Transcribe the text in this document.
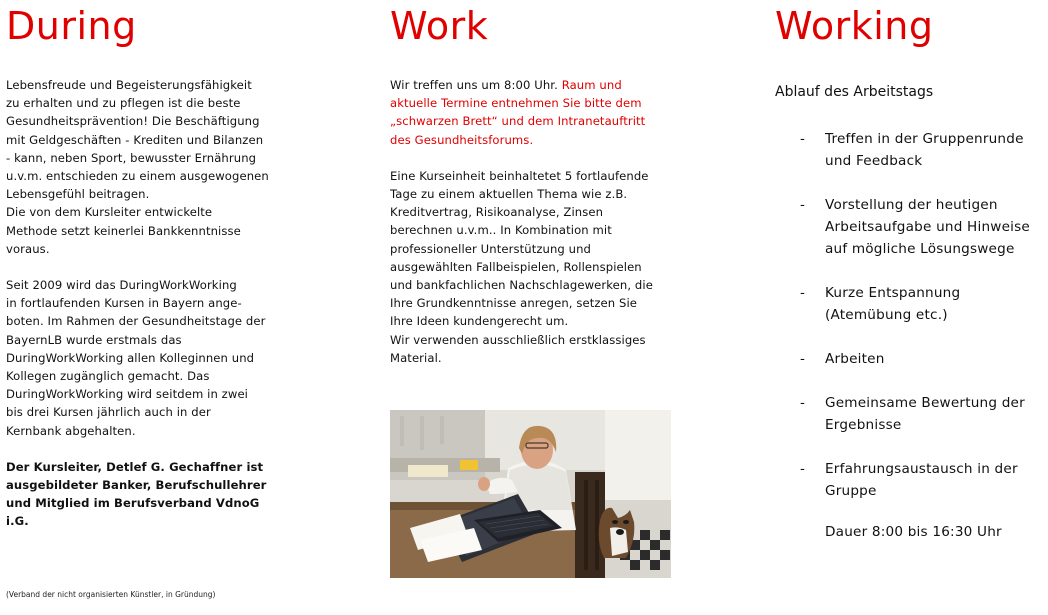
During
Lebensfreude und Begeisterungsfähigkeit
zu erhalten und zu pflegen ist die beste
Gesundheitsprävention! Die Beschäftigung
mit Geldgeschäften - Krediten und Bilanzen
- kann, neben Sport, bewusster Ernährung
u.v.m. entschieden zu einem ausgewogenen
Lebensgefühl beitragen.
Die von dem Kursleiter entwickelte
Methode setzt keinerlei Bankkenntnisse
voraus.
Seit 2009 wird das DuringWorkWorking
in fortlaufenden Kursen in Bayern ange-
boten. Im Rahmen der Gesundheitstage der
BayernLB wurde erstmals das
DuringWorkWorking allen Kolleginnen und
Kollegen zugänglich gemacht. Das
DuringWorkWorking wird seitdem in zwei
bis drei Kursen jährlich auch in der
Kernbank abgehalten.
Der Kursleiter, Detlef G. Gechaffner ist
ausgebildeter Banker, Berufschullehrer
und Mitglied im Berufsverband VdnoG
i.G.
(Verband der nicht organisierten Künstler, in Gründung)
Work
Wir treffen uns um 8:00 Uhr. Raum und
aktuelle Termine entnehmen Sie bitte dem
„schwarzen Brett“ und dem Intranetauftritt
des Gesundheitsforums.
Eine Kurseinheit beinhaltetet 5 fortlaufende
Tage zu einem aktuellen Thema wie z.B.
Kreditvertrag, Risikoanalyse, Zinsen
berechnen u.v.m.. In Kombination mit
professioneller Unterstützung und
ausgewählten Fallbeispielen, Rollenspielen
und bankfachlichen Nachschlagewerken, die
Ihre Grundkenntnisse anregen, setzen Sie
Ihre Ideen kundengerecht um.
Wir verwenden ausschließlich erstklassiges
Material.
Working
Ablauf des Arbeitstags
- Treffen in der Gruppenrunde
und Feedback
- Vorstellung der heutigen
Arbeitsaufgabe und Hinweise
auf mögliche Lösungswege
- Kurze Entspannung
(Atemübung etc.)
- Arbeiten
- Gemeinsame Bewertung der
Ergebnisse
- Erfahrungsaustausch in der
Gruppe
Dauer 8:00 bis 16:30 Uhr
